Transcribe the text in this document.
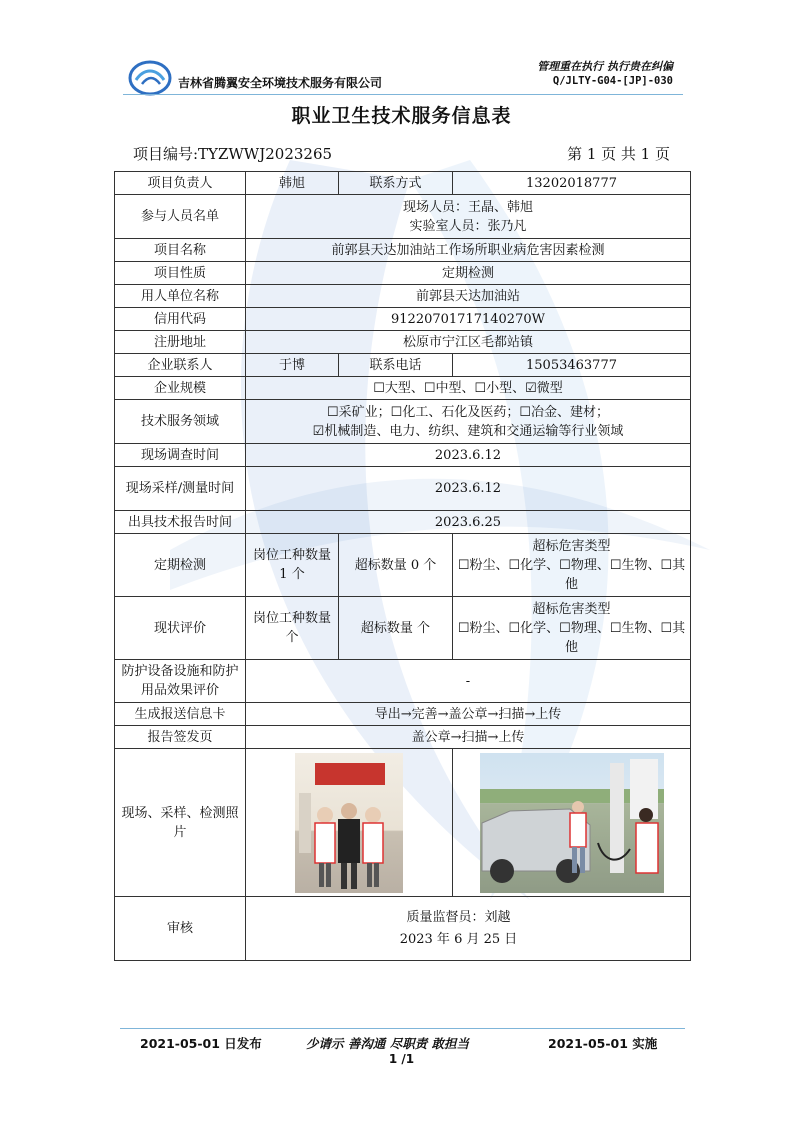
吉林省腾翼安全环境技术服务有限公司
管理重在执行 执行贵在纠偏
Q/JLTY-G04-[JP]-030
职业卫生技术服务信息表
项目编号:TYZWWJ2023265	第 1 页 共 1 页
项目负责人	韩旭	联系方式	13202018777
参与人员名单	现场人员：王晶、韩旭
实验室人员：张乃凡		

项目名称	前郭县天达加油站工作场所职业病危害因素检测		
项目性质	定期检测		
用人单位名称	前郭县天达加油站		
信用代码	91220701717140270W		
注册地址	松原市宁江区毛都站镇		
企业联系人	于博	联系电话	15053463777
企业规模	☐大型、☐中型、☐小型、☑微型		
技术服务领域	☐采矿业；☐化工、石化及医药；☐冶金、建材；
☑机械制造、电力、纺织、建筑和交通运输等行业领域		

现场调查时间	2023.6.12		
现场采样/测量时间	2023.6.12		
出具技术报告时间	2023.6.25		
定期检测	岗位工种数量 1 个	超标数量 0 个	超标危害类型
☐粉尘、☐化学、☐物理、☐生物、☐其他

现状评价	岗位工种数量　个	超标数量 个	超标危害类型
☐粉尘、☐化学、☐物理、☐生物、☐其他

防护设备设施和防护用品效果评价	-		
生成报送信息卡	导出→完善→盖公章→扫描→上传		
报告签发页	盖公章→扫描→上传		
现场、采样、检测照片	

审核	质量监督员：刘越
2023 年 6 月 25 日		
2021-05-01 日发布	少请示 善沟通 尽职责 敢担当	2021-05-01 实施
1 /1
